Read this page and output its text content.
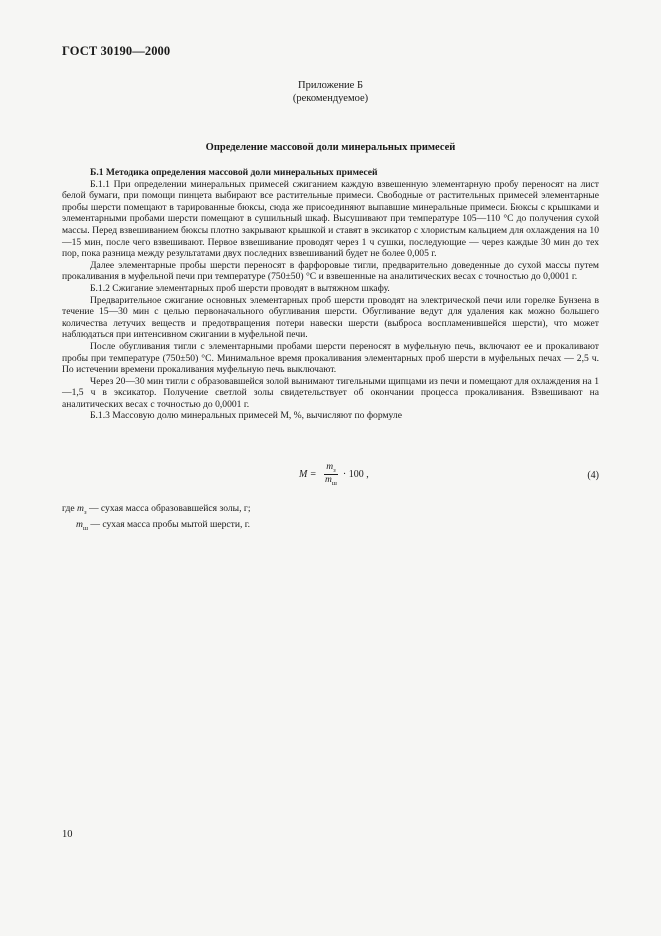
ГОСТ 30190—2000
Приложение Б
(рекомендуемое)
Определение массовой доли минеральных примесей

Б.1 Методика определения массовой доли минеральных примесей

Б.1.1 При определении минеральных примесей сжиганием каждую взвешенную элементарную пробу переносят на лист белой бумаги, при помощи пинцета выбирают все растительные примеси. Свободные от растительных примесей элементарные пробы шерсти помещают в тарированные бюксы, сюда же присоединяют выпавшие минеральные примеси. Бюксы с крышками и элементарными пробами шерсти помещают в сушильный шкаф. Высушивают при температуре 105—110 °С до получения сухой массы. Перед взвешиванием бюксы плотно закрывают крышкой и ставят в эксикатор с хлористым кальцием для охлаждения на 10—15 мин, после чего взвешивают. Первое взвешивание проводят через 1 ч сушки, последующие — через каждые 30 мин до тех пор, пока разница между результатами двух последних взвешиваний будет не более 0,005 г.

Далее элементарные пробы шерсти переносят в фарфоровые тигли, предварительно доведенные до сухой массы путем прокаливания в муфельной печи при температуре (750±50) °С и взвешенные на аналитических весах с точностью до 0,0001 г.

Б.1.2 Сжигание элементарных проб шерсти проводят в вытяжном шкафу.

Предварительное сжигание основных элементарных проб шерсти проводят на электрической печи или горелке Бунзена в течение 15—30 мин с целью первоначального обугливания шерсти. Обугливание ведут для удаления как можно большего количества летучих веществ и предотвращения потери навески шерсти (выброса воспламенившейся шерсти), что может наблюдаться при интенсивном сжигании в муфельной печи.

После обугливания тигли с элементарными пробами шерсти переносят в муфельную печь, включают ее и прокаливают пробы при температуре (750±50) °С. Минимальное время прокаливания элементарных проб шерсти в муфельных печах — 2,5 ч. По истечении времени прокаливания муфельную печь выключают.

Через 20—30 мин тигли с образовавшейся золой вынимают тигельными щипцами из печи и помещают для охлаждения на 1—1,5 ч в эксикатор. Получение светлой золы свидетельствует об окончании процесса прокаливания. Взвешивают на аналитических весах с точностью до 0,0001 г.

Б.1.3 Массовую долю минеральных примесей M, %, вычисляют по формуле

$M = \frac{m_з}{m_ш} \cdot 100$ ,	(4)
где $m_з$ — сухая масса образовавшейся золы, г;
$m_ш$ — сухая масса пробы мытой шерсти, г.
10
